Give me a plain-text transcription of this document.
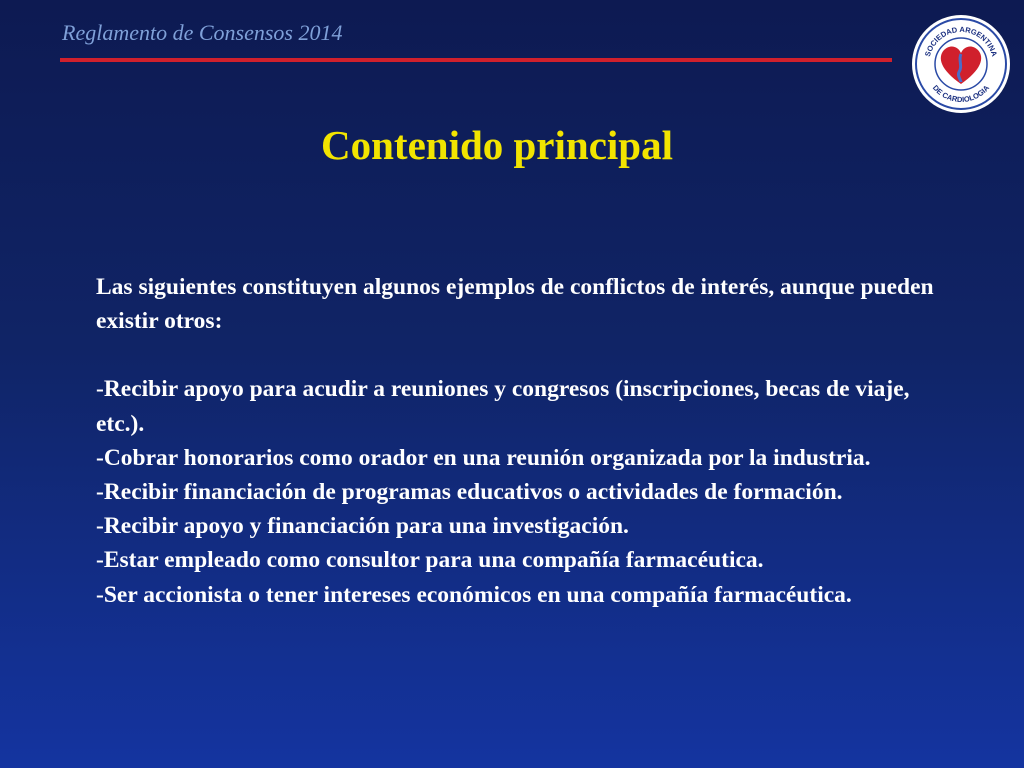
Reglamento de Consensos 2014
SOCIEDAD ARGENTINA
DE CARDIOLOGIA
Contenido principal

Las siguientes constituyen algunos ejemplos de conflictos de interés, aunque pueden existir otros:

-Recibir apoyo para acudir a reuniones y congresos (inscripciones, becas de viaje, etc.).

-Cobrar honorarios como orador en una reunión organizada por la industria.

-Recibir financiación de programas educativos o actividades de formación.

-Recibir apoyo y financiación para una investigación.

-Estar empleado como consultor para una compañía farmacéutica.

-Ser accionista o tener intereses económicos en una compañía farmacéutica.
